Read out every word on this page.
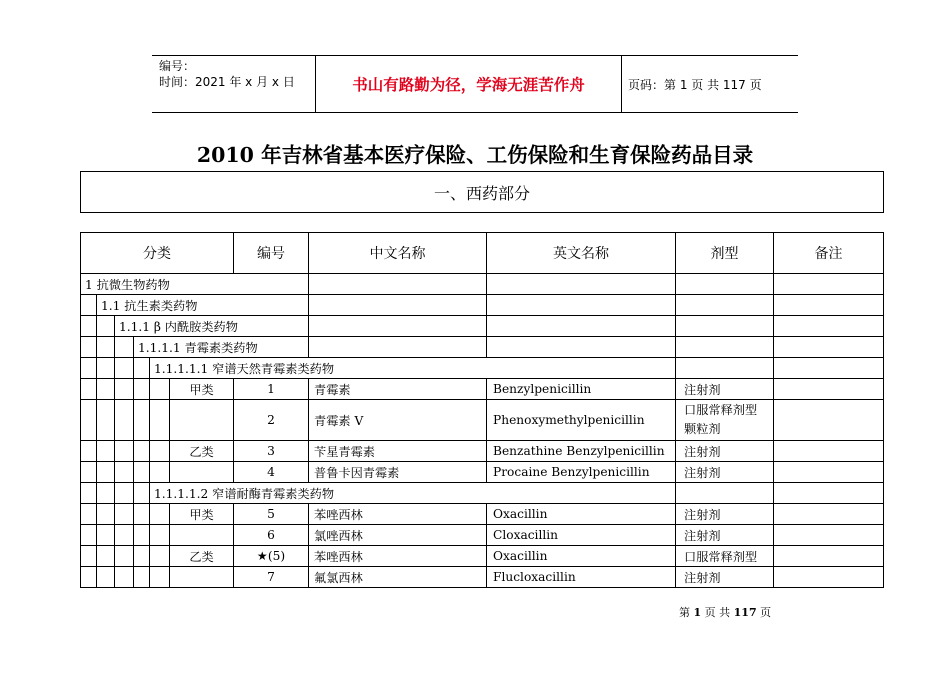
编号：
时间：2021 年 x 月 x 日	书山有路勤为径，学海无涯苦作舟	页码：第 1 页 共 117 页
2010 年吉林省基本医疗保险、工伤保险和生育保险药品目录
一、西药部分
分类						编号	中文名称	英文名称	剂型	备注
1 抗微生物药物										
	1.1 抗生素类药物									
		1.1.1 β 内酰胺类药物								
			1.1.1.1 青霉素类药物							
				1.1.1.1.1 窄谱天然青霉素类药物						
					甲类	1	青霉素	Benzylpenicillin	注射剂	
						2	青霉素 V	Phenoxymethylpenicillin	口服常释剂型 颗粒剂	
					乙类	3	苄星青霉素	Benzathine Benzylpenicillin	注射剂	
						4	普鲁卡因青霉素	Procaine Benzylpenicillin	注射剂	
				1.1.1.1.2 窄谱耐酶青霉素类药物						
					甲类	5	苯唑西林	Oxacillin	注射剂	
						6	氯唑西林	Cloxacillin	注射剂	
					乙类	★(5)	苯唑西林	Oxacillin	口服常释剂型	
						7	氟氯西林	Flucloxacillin	注射剂	
第 1 页 共 117 页
